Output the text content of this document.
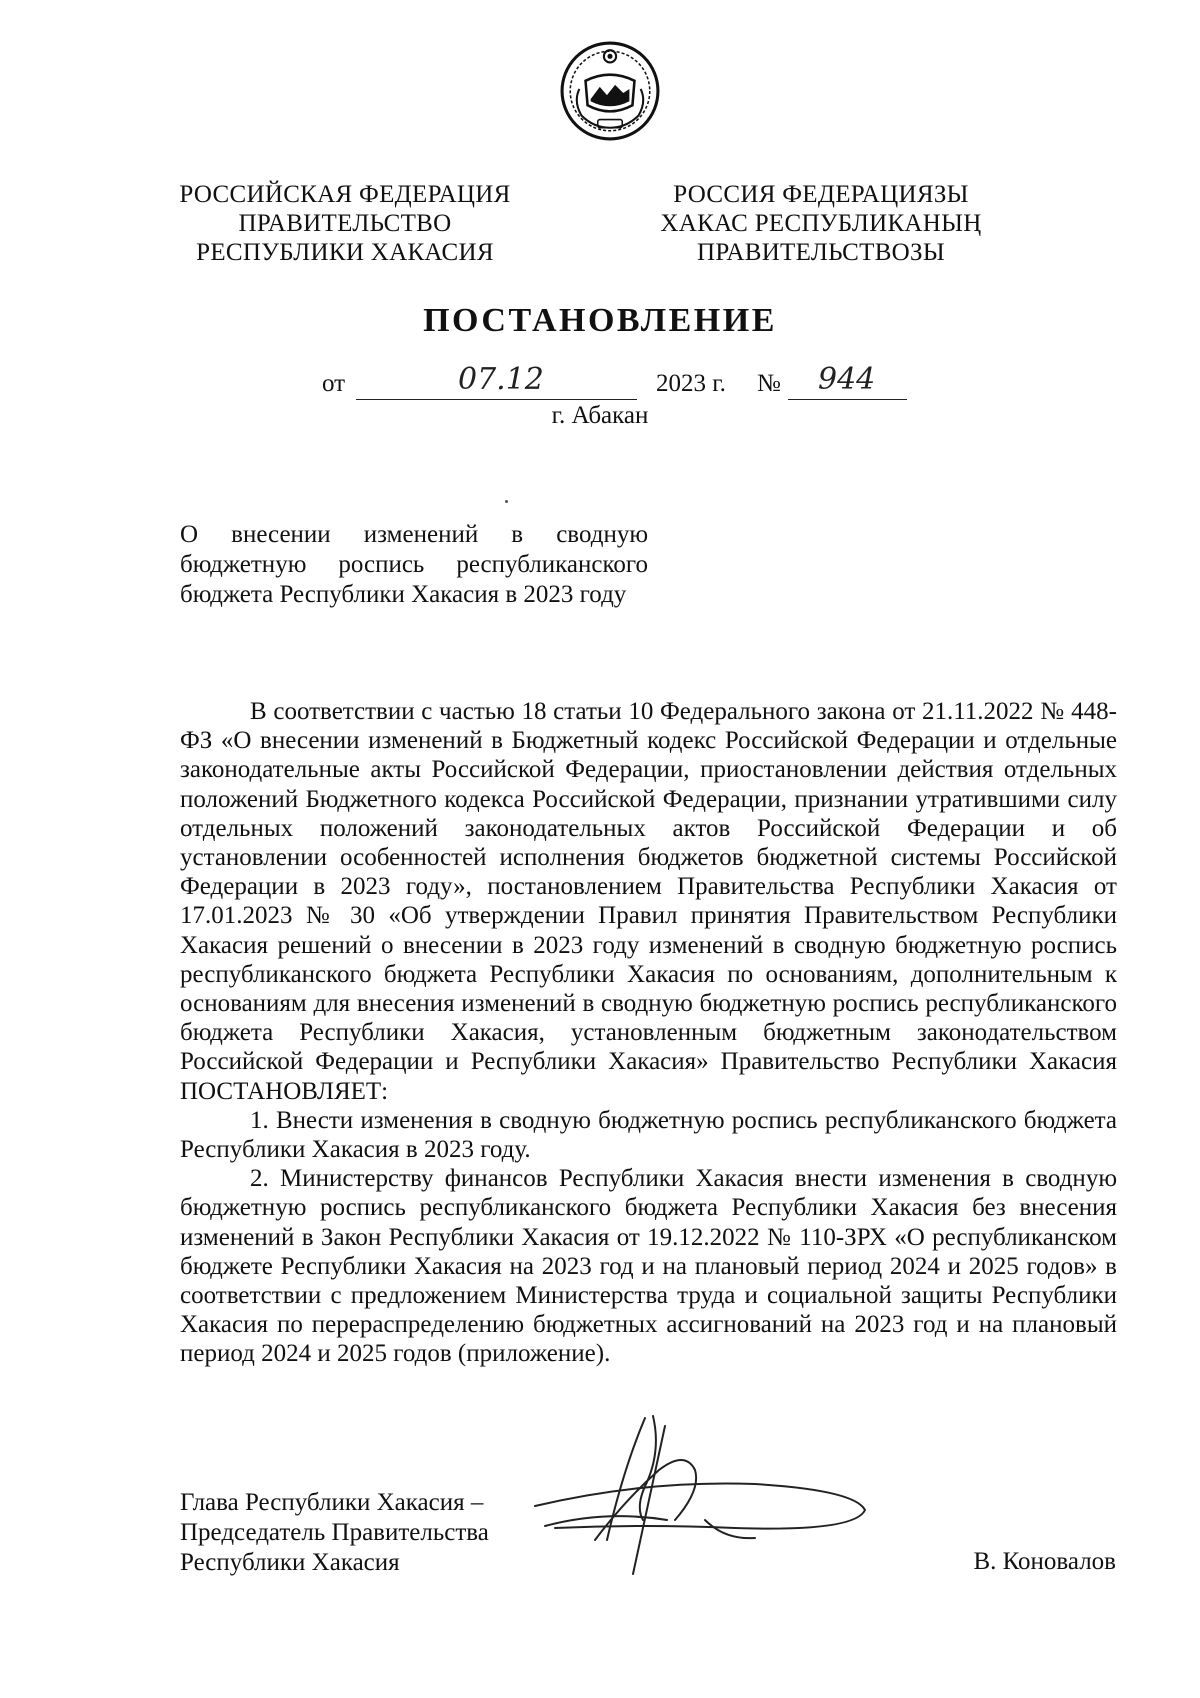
РОССИЙСКАЯ ФЕДЕРАЦИЯ
ПРАВИТЕЛЬСТВО
РЕСПУБЛИКИ ХАКАСИЯ
РОССИЯ ФЕДЕРАЦИЯЗЫ
ХАКАС РЕСПУБЛИКАНЫҢ
ПРАВИТЕЛЬСТВОЗЫ
ПОСТАНОВЛЕНИЕ
от	07.12	2023 г. № 944
г. Абакан
О внесении изменений в сводную бюджетную роспись республиканского бюджета Республики Хакасия в 2023 году

В соответствии с частью 18 статьи 10 Федерального закона от 21.11.2022 № 448-ФЗ «О внесении изменений в Бюджетный кодекс Российской Федерации и отдельные законодательные акты Российской Федерации, приостановлении действия отдельных положений Бюджетного кодекса Российской Федерации, признании утратившими силу отдельных положений законодательных актов Российской Федерации и об установлении особенностей исполнения бюджетов бюджетной системы Российской Федерации в 2023 году», постановлением Правительства Республики Хакасия от 17.01.2023 № 30 «Об утверждении Правил принятия Правительством Республики Хакасия решений о внесении в 2023 году изменений в сводную бюджетную роспись республиканского бюджета Республики Хакасия по основаниям, дополнительным к основаниям для внесения изменений в сводную бюджетную роспись республиканского бюджета Республики Хакасия, установленным бюджетным законодательством Российской Федерации и Республики Хакасия» Правительство Республики Хакасия ПОСТАНОВЛЯЕТ:

1. Внести изменения в сводную бюджетную роспись республиканского бюджета Республики Хакасия в 2023 году.

2. Министерству финансов Республики Хакасия внести изменения в сводную бюджетную роспись республиканского бюджета Республики Хакасия без внесения изменений в Закон Республики Хакасия от 19.12.2022 № 110-ЗРХ «О республиканском бюджете Республики Хакасия на 2023 год и на плановый период 2024 и 2025 годов» в соответствии с предложением Министерства труда и социальной защиты Республики Хакасия по перераспределению бюджетных ассигнований на 2023 год и на плановый период 2024 и 2025 годов (приложение).

Глава Республики Хакасия –
Председатель Правительства
Республики Хакасия	В. Коновалов
